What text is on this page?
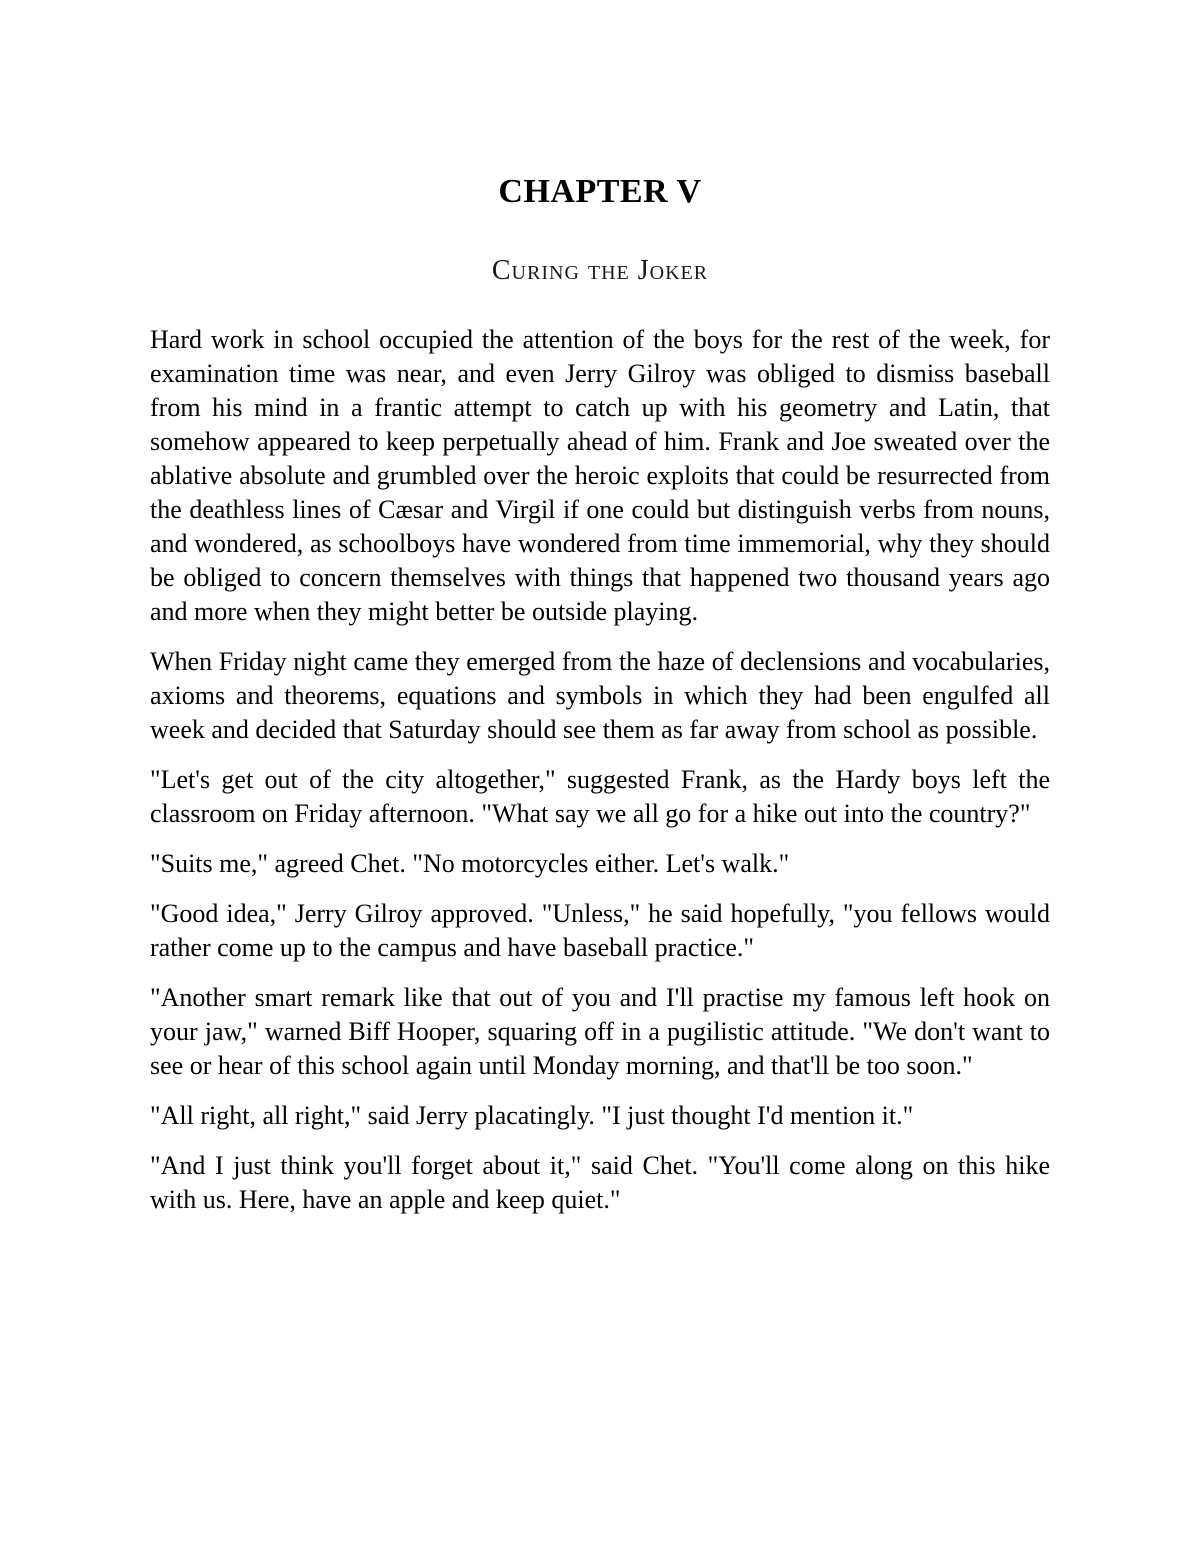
CHAPTER V
Curing the Joker

Hard work in school occupied the attention of the boys for the rest of the week, for examination time was near, and even Jerry Gilroy was obliged to dismiss baseball from his mind in a frantic attempt to catch up with his geometry and Latin, that somehow appeared to keep perpetually ahead of him. Frank and Joe sweated over the ablative absolute and grumbled over the heroic exploits that could be resurrected from the deathless lines of Cæsar and Virgil if one could but distinguish verbs from nouns, and wondered, as schoolboys have wondered from time immemorial, why they should be obliged to concern themselves with things that happened two thousand years ago and more when they might better be outside playing.

When Friday night came they emerged from the haze of declensions and vocabularies, axioms and theorems, equations and symbols in which they had been engulfed all week and decided that Saturday should see them as far away from school as possible.

"Let's get out of the city altogether," suggested Frank, as the Hardy boys left the classroom on Friday afternoon. "What say we all go for a hike out into the country?"

"Suits me," agreed Chet. "No motorcycles either. Let's walk."

"Good idea," Jerry Gilroy approved. "Unless," he said hopefully, "you fellows would rather come up to the campus and have baseball practice."

"Another smart remark like that out of you and I'll practise my famous left hook on your jaw," warned Biff Hooper, squaring off in a pugilistic attitude. "We don't want to see or hear of this school again until Monday morning, and that'll be too soon."

"All right, all right," said Jerry placatingly. "I just thought I'd mention it."

"And I just think you'll forget about it," said Chet. "You'll come along on this hike with us. Here, have an apple and keep quiet."
